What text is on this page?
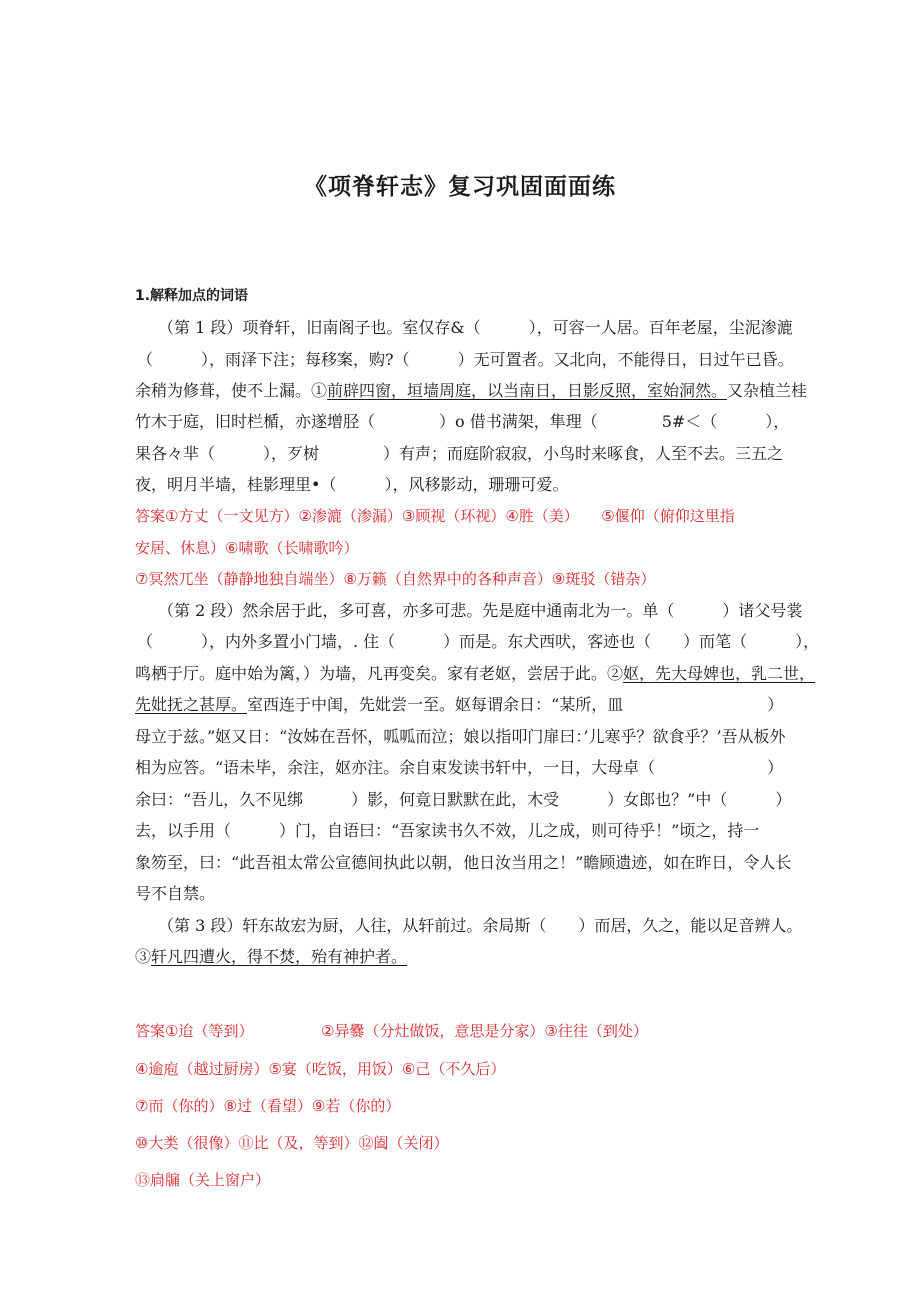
《项脊轩志》复习巩固面面练

1.解释加点的词语

（第 1 段）项脊轩，旧南阁子也。室仅存&（　　　），可容一人居。百年老屋，尘泥渗漉

（　　　），雨泽下注；每移案，购?（　　　）无可置者。又北向，不能得日，日过午已昏。

余稍为修葺，使不上漏。①前辟四窗，垣墙周庭，以当南日，日影反照，室始洞然。又杂植兰桂

竹木于庭，旧时栏楯，亦遂增胫（　　　　）o 借书满架，隼理（　　　　5#＜（　　　），

果各々芈（　　　），歹树　　　　）有声；而庭阶寂寂，小鸟时来啄食，人至不去。三五之

夜，明月半墙，桂影理里•（　　　），风移影动，珊珊可爱。

答案①方丈（一文见方）②渗漉（渗漏）③顾视（环视）④胜（美）　　⑤偃仰（俯仰这里指

安居、休息）⑥啸歌（长啸歌吟）

⑦冥然兀坐（静静地独自端坐）⑧万籁（自然界中的各种声音）⑨斑驳（错杂）

（第 2 段）然余居于此，多可喜，亦多可悲。先是庭中通南北为一。单（　　　）诸父号裳

（　　　），内外多置小门墙，. 住（　　　）而是。东犬西吠，客迹也（　　）而笔（　　　），

鸣栖于厅。庭中始为篱，）为墙，凡再变矣。家有老妪，尝居于此。②妪，先大母婢也，乳二世，

先妣抚之甚厚。室西连于中闺，先妣尝一至。妪每谓余日：“某所，皿　　　　　　　　　）

母立于兹。”妪又日：“汝姊在吾怀，呱呱而泣；娘以指叩门扉曰：’儿寒乎？欲食乎？’吾从板外

相为应答。“语未毕，余注，妪亦注。余自束发读书轩中，一日，大母卓（　　　　　　　）

余曰：“吾儿，久不见绑　　　）影，何竟日默默在此，木受　　　）女郎也？”中（　　　）

去，以手用（　　　）门，自语曰：“吾家读书久不效，儿之成，则可待乎！”顷之，持一

象笏至，曰：“此吾祖太常公宣德间执此以朝，他日汝当用之！”瞻顾遗迹，如在昨日，令人长

号不自禁。

（第 3 段）轩东故宏为厨，人往，从轩前过。余局斯（　　）而居，久之，能以足音辨人。

③轩凡四遭火，得不焚，殆有神护者。

答案①迨（等到）　　　　　②异爨（分灶做饭，意思是分家）③往往（到处）

④逾庖（越过厨房）⑤宴（吃饭，用饭）⑥己（不久后）

⑦而（你的）⑧过（看望）⑨若（你的）

⑩大类（很像）⑪比（及，等到）⑫阖（关闭）

⑬扃牖（关上窗户）
